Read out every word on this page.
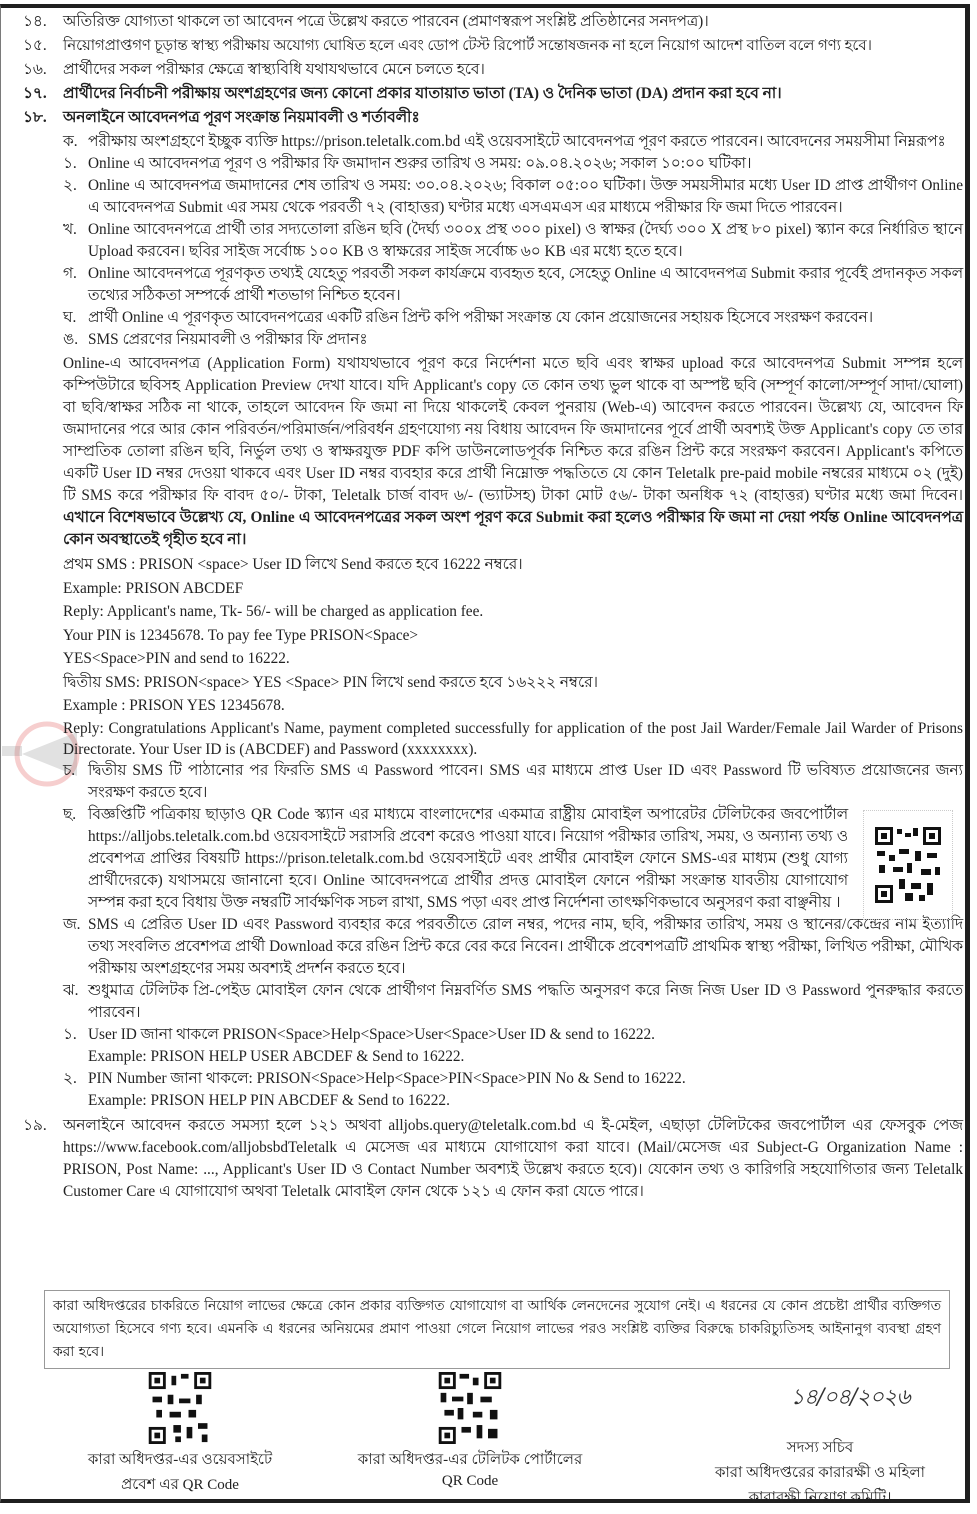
১৪.	অতিরিক্ত যোগ্যতা থাকলে তা আবেদন পত্রে উল্লেখ করতে পারবেন (প্রমাণস্বরূপ সংশ্লিষ্ট প্রতিষ্ঠানের সনদপত্র)।
১৫.	নিয়োগপ্রাপ্তগণ চূড়ান্ত স্বাস্থ্য পরীক্ষায় অযোগ্য ঘোষিত হলে এবং ডোপ টেস্ট রিপোর্ট সন্তোষজনক না হলে নিয়োগ আদেশ বাতিল বলে গণ্য হবে।
১৬.	প্রার্থীদের সকল পরীক্ষার ক্ষেত্রে স্বাস্থ্যবিধি যথাযথভাবে মেনে চলতে হবে।
১৭.	প্রার্থীদের নির্বাচনী পরীক্ষায় অংশগ্রহণের জন্য কোনো প্রকার যাতায়াত ভাতা (TA) ও দৈনিক ভাতা (DA) প্রদান করা হবে না।
১৮.	অনলাইনে আবেদনপত্র পূরণ সংক্রান্ত নিয়মাবলী ও শর্তাবলীঃ
ক. পরীক্ষায় অংশগ্রহণে ইচ্ছুক ব্যক্তি https://prison.teletalk.com.bd এই ওয়েবসাইটে আবেদনপত্র পূরণ করতে পারবেন। আবেদনের সময়সীমা নিম্নরূপঃ
১. Online এ আবেদনপত্র পূরণ ও পরীক্ষার ফি জমাদান শুরুর তারিখ ও সময়: ০৯.০৪.২০২৬; সকাল ১০:০০ ঘটিকা।
২. Online এ আবেদনপত্র জমাদানের শেষ তারিখ ও সময়: ৩০.০৪.২০২৬; বিকাল ০৫:০০ ঘটিকা। উক্ত সময়সীমার মধ্যে User ID প্রাপ্ত প্রার্থীগণ Online এ আবেদনপত্র Submit এর সময় থেকে পরবর্তী ৭২ (বাহাত্তর) ঘণ্টার মধ্যে এসএমএস এর মাধ্যমে পরীক্ষার ফি জমা দিতে পারবেন।
খ. Online আবেদনপত্রে প্রার্থী তার সদ্যতোলা রঙিন ছবি (দৈর্ঘ্য ৩০০x প্রস্থ ৩০০ pixel) ও স্বাক্ষর (দৈর্ঘ্য ৩০০ X প্রস্থ ৮০ pixel) স্ক্যান করে নির্ধারিত স্থানে Upload করবেন। ছবির সাইজ সর্বোচ্চ ১০০ KB ও স্বাক্ষরের সাইজ সর্বোচ্চ ৬০ KB এর মধ্যে হতে হবে।
গ. Online আবেদনপত্রে পূরণকৃত তথ্যই যেহেতু পরবর্তী সকল কার্যক্রমে ব্যবহৃত হবে, সেহেতু Online এ আবেদনপত্র Submit করার পূর্বেই প্রদানকৃত সকল তথ্যের সঠিকতা সম্পর্কে প্রার্থী শতভাগ নিশ্চিত হবেন।
ঘ. প্রার্থী Online এ পূরণকৃত আবেদনপত্রের একটি রঙিন প্রিন্ট কপি পরীক্ষা সংক্রান্ত যে কোন প্রয়োজনের সহায়ক হিসেবে সংরক্ষণ করবেন।
ঙ. SMS প্রেরণের নিয়মাবলী ও পরীক্ষার ফি প্রদানঃ
Online-এ আবেদনপত্র (Application Form) যথাযথভাবে পূরণ করে নির্দেশনা মতে ছবি এবং স্বাক্ষর upload করে আবেদনপত্র Submit সম্পন্ন হলে কম্পিউটারে ছবিসহ Application Preview দেখা যাবে। যদি Applicant's copy তে কোন তথ্য ভুল থাকে বা অস্পষ্ট ছবি (সম্পূর্ণ কালো/সম্পূর্ণ সাদা/ঘোলা) বা ছবি/স্বাক্ষর সঠিক না থাকে, তাহলে আবেদন ফি জমা না দিয়ে থাকলেই কেবল পুনরায় (Web-এ) আবেদন করতে পারবেন। উল্লেখ্য যে, আবেদন ফি জমাদানের পরে আর কোন পরিবর্তন/পরিমার্জন/পরিবর্ধন গ্রহণযোগ্য নয় বিধায় আবেদন ফি জমাদানের পূর্বে প্রার্থী অবশ্যই উক্ত Applicant's copy তে তার সাম্প্রতিক তোলা রঙিন ছবি, নির্ভুল তথ্য ও স্বাক্ষরযুক্ত PDF কপি ডাউনলোডপূর্বক নিশ্চিত করে রঙিন প্রিন্ট করে সংরক্ষণ করবেন। Applicant's কপিতে একটি User ID নম্বর দেওয়া থাকবে এবং User ID নম্বর ব্যবহার করে প্রার্থী নিম্নোক্ত পদ্ধতিতে যে কোন Teletalk pre-paid mobile নম্বরের মাধ্যমে ০২ (দুই) টি SMS করে পরীক্ষার ফি বাবদ ৫০/- টাকা, Teletalk চার্জ বাবদ ৬/- (ভ্যাটসহ) টাকা মোট ৫৬/- টাকা অনধিক ৭২ (বাহাত্তর) ঘণ্টার মধ্যে জমা দিবেন। এখানে বিশেষভাবে উল্লেখ্য যে, Online এ আবেদনপত্রের সকল অংশ পূরণ করে Submit করা হলেও পরীক্ষার ফি জমা না দেয়া পর্যন্ত Online আবেদনপত্র কোন অবস্থাতেই গৃহীত হবে না।
প্রথম SMS : PRISON <space> User ID লিখে Send করতে হবে 16222 নম্বরে।
Example: PRISON ABCDEF
Reply: Applicant's name, Tk- 56/- will be charged as application fee.
Your PIN is 12345678. To pay fee Type PRISON<Space>
YES<Space>PIN and send to 16222.
দ্বিতীয় SMS: PRISON<space> YES <Space> PIN লিখে send করতে হবে ১৬২২২ নম্বরে।
Example : PRISON YES 12345678.
Reply: Congratulations Applicant's Name, payment completed successfully for application of the post Jail Warder/Female Jail Warder of Prisons Directorate. Your User ID is (ABCDEF) and Password (xxxxxxxx).
চ. দ্বিতীয় SMS টি পাঠানোর পর ফিরতি SMS এ Password পাবেন। SMS এর মাধ্যমে প্রাপ্ত User ID এবং Password টি ভবিষ্যত প্রয়োজনের জন্য সংরক্ষণ করতে হবে।
ছ. বিজ্ঞপ্তিটি পত্রিকায় ছাড়াও QR Code স্ক্যান এর মাধ্যমে বাংলাদেশের একমাত্র রাষ্ট্রীয় মোবাইল অপারেটর টেলিটকের জবপোর্টাল https://alljobs.teletalk.com.bd ওয়েবসাইটে সরাসরি প্রবেশ করেও পাওয়া যাবে। নিয়োগ পরীক্ষার তারিখ, সময়, ও অন্যান্য তথ্য ও প্রবেশপত্র প্রাপ্তির বিষয়টি https://prison.teletalk.com.bd ওয়েবসাইটে এবং প্রার্থীর মোবাইল ফোনে SMS-এর মাধ্যম (শুধু যোগ্য প্রার্থীদেরকে) যথাসময়ে জানানো হবে। Online আবেদনপত্রে প্রার্থীর প্রদত্ত মোবাইল ফোনে পরীক্ষা সংক্রান্ত যাবতীয় যোগাযোগ সম্পন্ন করা হবে বিধায় উক্ত নম্বরটি সার্বক্ষণিক সচল রাখা, SMS পড়া এবং প্রাপ্ত নির্দেশনা তাৎক্ষণিকভাবে অনুসরণ করা বাঞ্ছনীয় ।
জ. SMS এ প্রেরিত User ID এবং Password ব্যবহার করে পরবর্তীতে রোল নম্বর, পদের নাম, ছবি, পরীক্ষার তারিখ, সময় ও স্থানের/কেন্দ্রের নাম ইত্যাদি তথ্য সংবলিত প্রবেশপত্র প্রার্থী Download করে রঙিন প্রিন্ট করে বের করে নিবেন। প্রার্থীকে প্রবেশপত্রটি প্রাথমিক স্বাস্থ্য পরীক্ষা, লিখিত পরীক্ষা, মৌখিক পরীক্ষায় অংশগ্রহণের সময় অবশ্যই প্রদর্শন করতে হবে।
ঝ. শুধুমাত্র টেলিটক প্রি-পেইড মোবাইল ফোন থেকে প্রার্থীগণ নিম্নবর্ণিত SMS পদ্ধতি অনুসরণ করে নিজ নিজ User ID ও Password পুনরুদ্ধার করতে পারবেন।
১. User ID জানা থাকলে PRISON<Space>Help<Space>User<Space>User ID & send to 16222.
Example: PRISON HELP USER ABCDEF & Send to 16222.
২. PIN Number জানা থাকলে: PRISON<Space>Help<Space>PIN<Space>PIN No & Send to 16222.
Example: PRISON HELP PIN ABCDEF & Send to 16222.
১৯.	অনলাইনে আবেদন করতে সমস্যা হলে ১২১ অথবা alljobs.query@teletalk.com.bd এ ই-মেইল, এছাড়া টেলিটকের জবপোর্টাল এর ফেসবুক পেজ https://www.facebook.com/alljobsbdTeletalk এ মেসেজ এর মাধ্যমে যোগাযোগ করা যাবে। (Mail/মেসেজ এর Subject-G Organization Name : PRISON, Post Name: ..., Applicant's User ID ও Contact Number অবশ্যই উল্লেখ করতে হবে)। যেকোন তথ্য ও কারিগরি সহযোগিতার জন্য Teletalk Customer Care এ যোগাযোগ অথবা Teletalk মোবাইল ফোন থেকে ১২১ এ ফোন করা যেতে পারে।
কারা অধিদপ্তরের চাকরিতে নিয়োগ লাভের ক্ষেত্রে কোন প্রকার ব্যক্তিগত যোগাযোগ বা আর্থিক লেনদেনের সুযোগ নেই। এ ধরনের যে কোন প্রচেষ্টা প্রার্থীর ব্যক্তিগত অযোগ্যতা হিসেবে গণ্য হবে। এমনকি এ ধরনের অনিয়মের প্রমাণ পাওয়া গেলে নিয়োগ লাভের পরও সংশ্লিষ্ট ব্যক্তির বিরুদ্ধে চাকরিচ্যুতিসহ আইনানুগ ব্যবস্থা গ্রহণ করা হবে।
কারা অধিদপ্তর-এর ওয়েবসাইটে
প্রবেশ এর QR Code
কারা অধিদপ্তর-এর টেলিটক পোর্টালের
QR Code
১৪/০৪/২০২৬
সদস্য সচিব
কারা অধিদপ্তরের কারারক্ষী ও মহিলা
কারারক্ষী নিয়োগ কমিটি।
